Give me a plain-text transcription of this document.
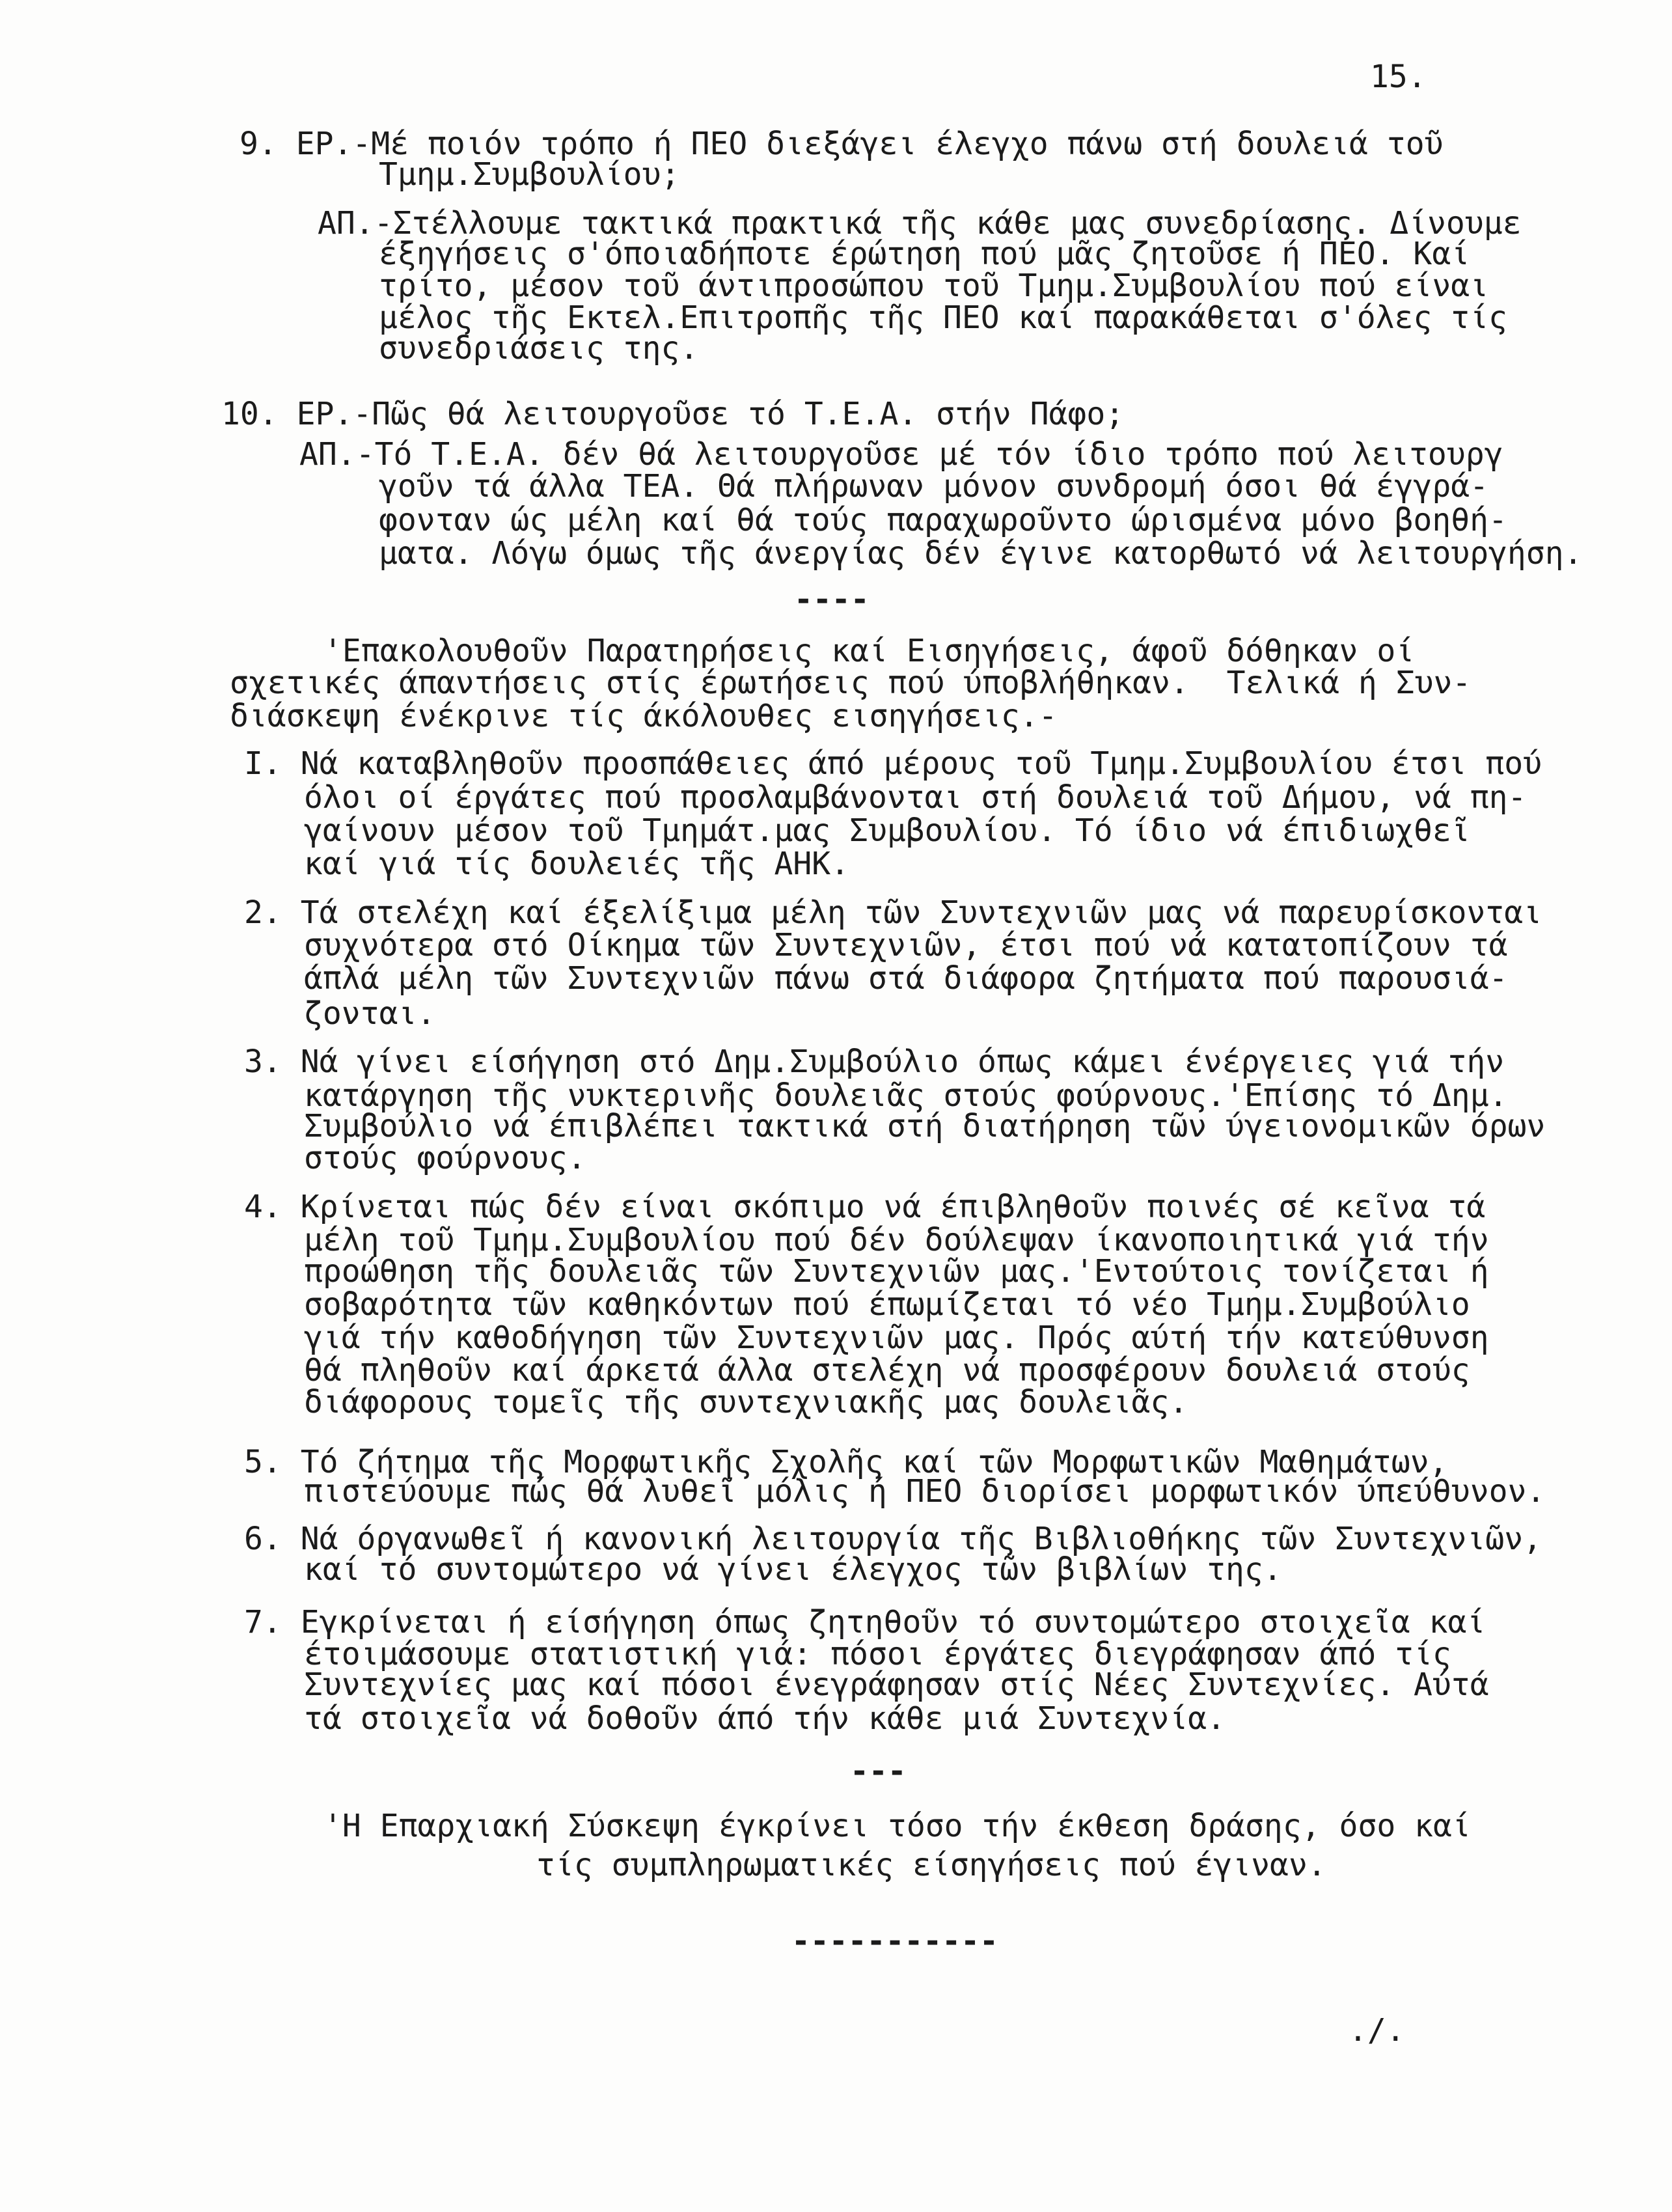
15.
9. ΕΡ.-Μέ ποιόν τρόπο ή ΠΕΟ διεξάγει έλεγχο πάνω στή δουλειά τοῦ
Τμημ.Συμβουλίου;
ΑΠ.-Στέλλουμε τακτικά πρακτικά τῆς κάθε μας συνεδρίασης. Δίνουμε
έξηγήσεις σ'όποιαδήποτε έρώτηση πού μᾶς ζητοῦσε ή ΠΕΟ. Καί
τρίτο, μέσον τοῦ άντιπροσώπου τοῦ Τμημ.Συμβουλίου πού είναι
μέλος τῆς Εκτελ.Επιτροπῆς τῆς ΠΕΟ καί παρακάθεται σ'όλες τίς
συνεδριάσεις της.
10. ΕΡ.-Πῶς θά λειτουργοῦσε τό Τ.Ε.Α. στήν Πάφο;
ΑΠ.-Τό Τ.Ε.Α. δέν θά λειτουργοῦσε μέ τόν ίδιο τρόπο πού λειτουργ
γοῦν τά άλλα ΤΕΑ. Θά πλήρωναν μόνον συνδρομή όσοι θά έγγρά-
φονταν ώς μέλη καί θά τούς παραχωροῦντο ώρισμένα μόνο βοηθή-
ματα. Λόγω όμως τῆς άνεργίας δέν έγινε κατορθωτό νά λειτουργήση.
----
'Επακολουθοῦν Παρατηρήσεις καί Εισηγήσεις, άφοῦ δόθηκαν οί
σχετικές άπαντήσεις στίς έρωτήσεις πού ύποβλήθηκαν.  Τελικά ή Συν-
διάσκεψη ένέκρινε τίς άκόλουθες εισηγήσεις.-
I. Νά καταβληθοῦν προσπάθειες άπό μέρους τοῦ Τμημ.Συμβουλίου έτσι πού
όλοι οί έργάτες πού προσλαμβάνονται στή δουλειά τοῦ Δήμου, νά πη-
γαίνουν μέσον τοῦ Τμημάτ.μας Συμβουλίου. Τό ίδιο νά έπιδιωχθεῖ
καί γιά τίς δουλειές τῆς ΑΗΚ.
2. Τά στελέχη καί έξελίξιμα μέλη τῶν Συντεχνιῶν μας νά παρευρίσκονται
συχνότερα στό Οίκημα τῶν Συντεχνιῶν, έτσι πού νά κατατοπίζουν τά
άπλά μέλη τῶν Συντεχνιῶν πάνω στά διάφορα ζητήματα πού παρουσιά-
ζονται.
3. Νά γίνει είσήγηση στό Δημ.Συμβούλιο όπως κάμει ένέργειες γιά τήν
κατάργηση τῆς νυκτερινῆς δουλειᾶς στούς φούρνους.'Επίσης τό Δημ.
Συμβούλιο νά έπιβλέπει τακτικά στή διατήρηση τῶν ύγειονομικῶν όρων
στούς φούρνους.
4. Κρίνεται πώς δέν είναι σκόπιμο νά έπιβληθοῦν ποινές σέ κεῖνα τά
μέλη τοῦ Τμημ.Συμβουλίου πού δέν δούλεψαν ίκανοποιητικά γιά τήν
προώθηση τῆς δουλειᾶς τῶν Συντεχνιῶν μας.'Εντούτοις τονίζεται ή
σοβαρότητα τῶν καθηκόντων πού έπωμίζεται τό νέο Τμημ.Συμβούλιο
γιά τήν καθοδήγηση τῶν Συντεχνιῶν μας. Πρός αύτή τήν κατεύθυνση
θά πληθοῦν καί άρκετά άλλα στελέχη νά προσφέρουν δουλειά στούς
διάφορους τομεῖς τῆς συντεχνιακῆς μας δουλειᾶς.
5. Τό ζήτημα τῆς Μορφωτικῆς Σχολῆς καί τῶν Μορφωτικῶν Μαθημάτων,
πιστεύουμε πώς θά λυθεῖ μόλις ή ΠΕΟ διορίσει μορφωτικόν ύπεύθυνον.
6. Νά όργανωθεῖ ή κανονική λειτουργία τῆς Βιβλιοθήκης τῶν Συντεχνιῶν,
καί τό συντομώτερο νά γίνει έλεγχος τῶν βιβλίων της.
7. Εγκρίνεται ή είσήγηση όπως ζητηθοῦν τό συντομώτερο στοιχεῖα καί
έτοιμάσουμε στατιστική γιά: πόσοι έργάτες διεγράφησαν άπό τίς
Συντεχνίες μας καί πόσοι ένεγράφησαν στίς Νέες Συντεχνίες. Αύτά
τά στοιχεῖα νά δοθοῦν άπό τήν κάθε μιά Συντεχνία.
---
'Η Επαρχιακή Σύσκεψη έγκρίνει τόσο τήν έκθεση δράσης, όσο καί
τίς συμπληρωματικές είσηγήσεις πού έγιναν.
-----------
./.
